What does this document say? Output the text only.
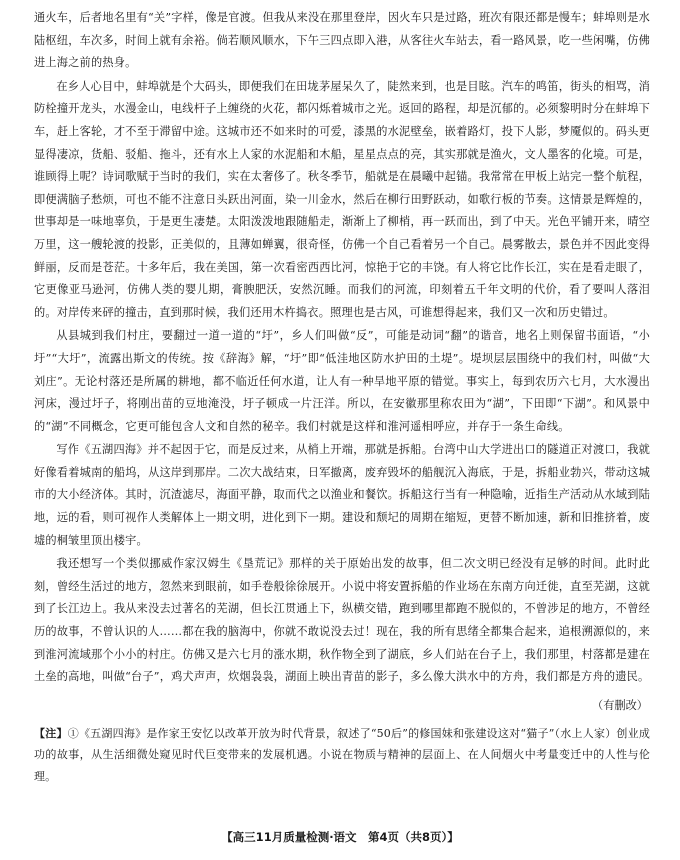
通火车，后者地名里有“关”字样，像是官渡。但我从来没在那里登岸，因火车只是过路，班次有限还都是慢车；蚌埠则是水陆枢纽，车次多，时间上就有余裕。倘若顺风顺水，下午三四点即入港，从客往火车站去，看一路风景，吃一些闲嘴，仿佛进上海之前的热身。

在乡人心目中，蚌埠就是个大码头，即便我们在田垅茅屋呆久了，陡然来到，也是目眩。汽车的鸣笛，街头的相骂，消防栓撞开龙头，水漫金山，电线杆子上缠绕的火花，都闪烁着城市之光。返回的路程，却是沉郁的。必须黎明时分在蚌埠下车，赶上客轮，才不至于滞留中途。这城市还不如来时的可爱，漆黑的水泥壁垒，嵌着路灯，投下人影，梦魇似的。码头更显得凄凉，货船、驳船、拖斗，还有水上人家的水泥船和木船，星星点点的亮，其实那就是渔火，文人墨客的化境。可是，谁顾得上呢？诗词歌赋于当时的我们，实在太奢侈了。秋冬季节，船就是在晨曦中起锚。我常常在甲板上站完一整个航程，即便满脑子愁烦，可也不能不注意日头跃出河面，染一川金水，然后在柳行田野跃动，如歌行板的节奏。这情景是辉煌的，世事却是一味地辜负，于是更生凄楚。太阳泼泼地跟随船走，渐渐上了柳梢，再一跃而出，到了中天。光色平铺开来，晴空万里，这一艘轮渡的投影，正美似的，且薄如蝉翼，很奇怪，仿佛一个自己看着另一个自己。晨雾散去，景色并不因此变得鲜丽，反而是苍茫。十多年后，我在美国，第一次看密西西比河，惊艳于它的丰饶。有人将它比作长江，实在是看走眼了，它更像亚马逊河，仿佛人类的婴儿期，膏腴肥沃，安然沉睡。而我们的河流，印刻着五千年文明的代价，看了要叫人落泪的。对岸传来砰的撞击，直到那时候，我们还用木杵捣衣。照理也是古风，可谁想得起来，我们又一次和历史错过。

从县城到我们村庄，要翻过一道一道的“圩”，乡人们叫做“反”，可能是动词“翻”的谐音，地名上则保留书面语，“小圩”“大圩”，流露出斯文的传统。按《辞海》解，“圩”即“低洼地区防水护田的土堤”。堤坝层层围绕中的我们村，叫做“大刘庄”。无论村落还是所属的耕地，都不临近任何水道，让人有一种旱地平原的错觉。事实上，每到农历六七月，大水漫出河床，漫过圩子，将刚出苗的豆地淹没，圩子顿成一片汪洋。所以，在安徽那里称农田为“湖”，下田即“下湖”。和风景中的“湖”不同概念，它更可能包含人文和自然的秘辛。我们村就是这样和淮河遥相呼应，并存于一条生命线。

写作《五湖四海》并不起因于它，而是反过来，从梢上开端，那就是拆船。台湾中山大学进出口的隧道正对渡口，我就好像看着城南的船坞，从这岸到那岸。二次大战结束，日军撤离，废弃毁坏的船舰沉入海底，于是，拆船业勃兴，带动这城市的大小经济体。其时，沉渣滤尽，海面平静，取而代之以渔业和餐饮。拆船这行当有一种隐喻，近指生产活动从水域到陆地，远的看，则可视作人类解体上一期文明，进化到下一期。建设和颓圮的周期在缩短，更替不断加速，新和旧推挤着，废墟的桐皱里顶出楼宇。

我还想写一个类似挪威作家汉姆生《垦荒记》那样的关于原始出发的故事，但二次文明已经没有足够的时间。此时此刻，曾经生活过的地方，忽然来到眼前，如手卷般徐徐展开。小说中将安置拆船的作业场在东南方向迁徙，直至芜湖，这就到了长江边上。我从来没去过著名的芜湖，但长江贯通上下，纵横交错，跑到哪里都跑不脱似的，不曾涉足的地方，不曾经历的故事，不曾认识的人……都在我的脑海中，你就不敢说没去过！现在，我的所有思绪全都集合起来，追根溯源似的，来到淮河流域那个小小的村庄。仿佛又是六七月的涨水期，秋作物全到了湖底，乡人们站在台子上，我们那里，村落都是建在土垒的高地，叫做“台子”，鸡犬声声，炊烟袅袅，湖面上映出青苗的影子，多么像大洪水中的方舟，我们都是方舟的遗民。

（有删改）

【注】①《五湖四海》是作家王安忆以改革开放为时代背景，叙述了“50后”的修国妹和张建设这对“猫子”（水上人家）创业成功的故事，从生活细微处窥见时代巨变带来的发展机遇。小说在物质与精神的层面上、在人间烟火中考量变迁中的人性与伦理。

【高三11月质量检测·语文　第4页（共8页）】
